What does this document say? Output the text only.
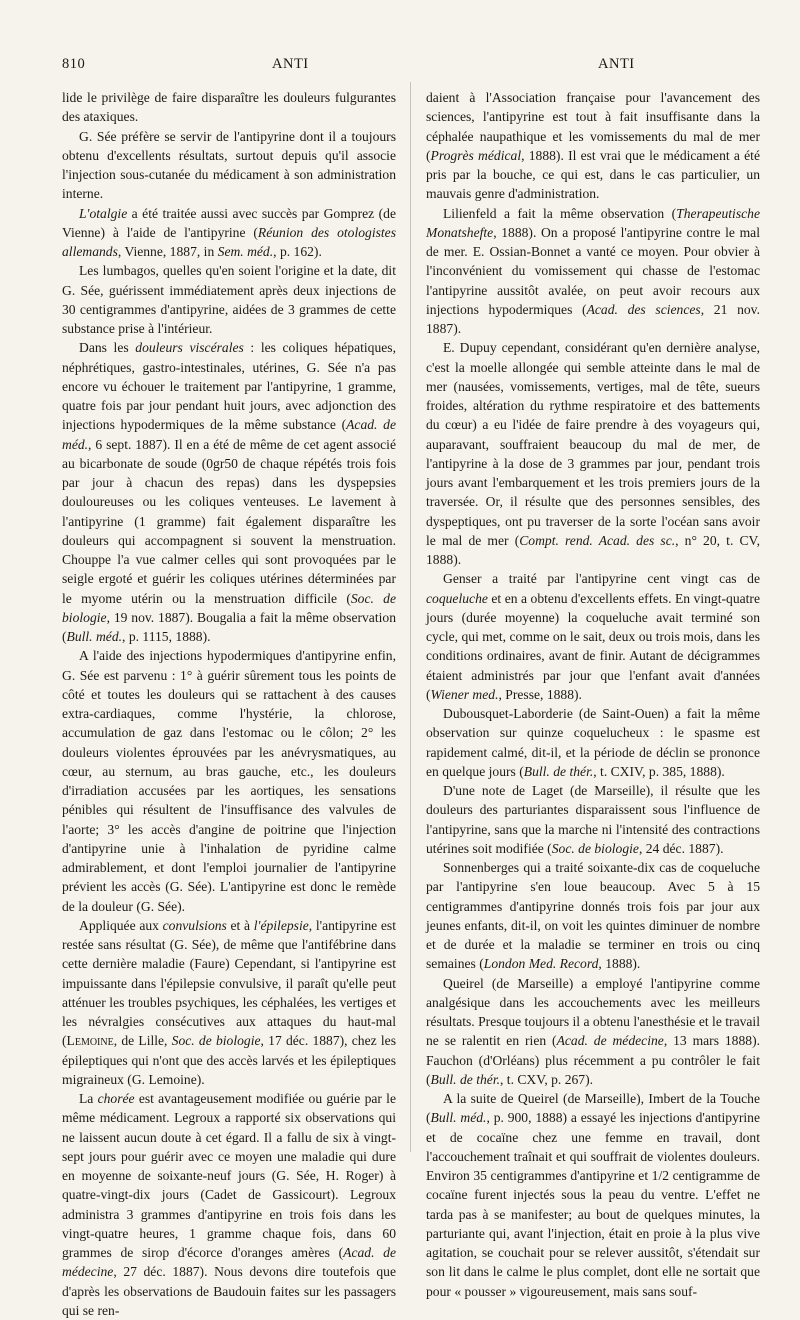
810	ANTI	ANTI

lide le privilège de faire disparaître les douleurs fulgurantes des ataxiques.

G. Sée préfère se servir de l'antipyrine dont il a toujours obtenu d'excellents résultats, surtout depuis qu'il associe l'injection sous-cutanée du médicament à son administration interne.

L'otalgie a été traitée aussi avec succès par Gomprez (de Vienne) à l'aide de l'antipyrine (Réunion des otologistes allemands, Vienne, 1887, in Sem. méd., p. 162).

Les lumbagos, quelles qu'en soient l'origine et la date, dit G. Sée, guérissent immédiatement après deux injections de 30 centigrammes d'antipyrine, aidées de 3 grammes de cette substance prise à l'intérieur.

Dans les douleurs viscérales : les coliques hépatiques, néphrétiques, gastro-intestinales, utérines, G. Sée n'a pas encore vu échouer le traitement par l'antipyrine, 1 gramme, quatre fois par jour pendant huit jours, avec adjonction des injections hypodermiques de la même substance (Acad. de méd., 6 sept. 1887). Il en a été de même de cet agent associé au bicarbonate de soude (0gr50 de chaque répétés trois fois par jour à chacun des repas) dans les dyspepsies douloureuses ou les coliques venteuses. Le lavement à l'antipyrine (1 gramme) fait également disparaître les douleurs qui accompagnent si souvent la menstruation. Chouppe l'a vue calmer celles qui sont provoquées par le seigle ergoté et guérir les coliques utérines déterminées par le myome utérin ou la menstruation difficile (Soc. de biologie, 19 nov. 1887). Bougalia a fait la même observation (Bull. méd., p. 1115, 1888).

A l'aide des injections hypodermiques d'antipyrine enfin, G. Sée est parvenu : 1° à guérir sûrement tous les points de côté et toutes les douleurs qui se rattachent à des causes extra-cardiaques, comme l'hystérie, la chlorose, accumulation de gaz dans l'estomac ou le côlon; 2° les douleurs violentes éprouvées par les anévrysmatiques, au cœur, au sternum, au bras gauche, etc., les douleurs d'irradiation accusées par les aortiques, les sensations pénibles qui résultent de l'insuffisance des valvules de l'aorte; 3° les accès d'angine de poitrine que l'injection d'antipyrine unie à l'inhalation de pyridine calme admirablement, et dont l'emploi journalier de l'antipyrine prévient les accès (G. Sée). L'antipyrine est donc le remède de la douleur (G. Sée).

Appliquée aux convulsions et à l'épilepsie, l'antipyrine est restée sans résultat (G. Sée), de même que l'antifébrine dans cette dernière maladie (Faure) Cependant, si l'antipyrine est impuissante dans l'épilepsie convulsive, il paraît qu'elle peut atténuer les troubles psychiques, les céphalées, les vertiges et les névralgies consécutives aux attaques du haut-mal (Lemoine, de Lille, Soc. de biologie, 17 déc. 1887), chez les épileptiques qui n'ont que des accès larvés et les épileptiques migraineux (G. Lemoine).

La chorée est avantageusement modifiée ou guérie par le même médicament. Legroux a rapporté six observations qui ne laissent aucun doute à cet égard. Il a fallu de six à vingt-sept jours pour guérir avec ce moyen une maladie qui dure en moyenne de soixante-neuf jours (G. Sée, H. Roger) à quatre-vingt-dix jours (Cadet de Gassicourt). Legroux administra 3 grammes d'antipyrine en trois fois dans les vingt-quatre heures, 1 gramme chaque fois, dans 60 grammes de sirop d'écorce d'oranges amères (Acad. de médecine, 27 déc. 1887). Nous devons dire toutefois que d'après les observations de Baudouin faites sur les passagers qui se ren-

daient à l'Association française pour l'avancement des sciences, l'antipyrine est tout à fait insuffisante dans la céphalée naupathique et les vomissements du mal de mer (Progrès médical, 1888). Il est vrai que le médicament a été pris par la bouche, ce qui est, dans le cas particulier, un mauvais genre d'administration.

Lilienfeld a fait la même observation (Therapeutische Monatshefte, 1888). On a proposé l'antipyrine contre le mal de mer. E. Ossian-Bonnet a vanté ce moyen. Pour obvier à l'inconvénient du vomissement qui chasse de l'estomac l'antipyrine aussitôt avalée, on peut avoir recours aux injections hypodermiques (Acad. des sciences, 21 nov. 1887).

E. Dupuy cependant, considérant qu'en dernière analyse, c'est la moelle allongée qui semble atteinte dans le mal de mer (nausées, vomissements, vertiges, mal de tête, sueurs froides, altération du rythme respiratoire et des battements du cœur) a eu l'idée de faire prendre à des voyageurs qui, auparavant, souffraient beaucoup du mal de mer, de l'antipyrine à la dose de 3 grammes par jour, pendant trois jours avant l'embarquement et les trois premiers jours de la traversée. Or, il résulte que des personnes sensibles, des dyspeptiques, ont pu traverser de la sorte l'océan sans avoir le mal de mer (Compt. rend. Acad. des sc., n° 20, t. CV, 1888).

Genser a traité par l'antipyrine cent vingt cas de coqueluche et en a obtenu d'excellents effets. En vingt-quatre jours (durée moyenne) la coqueluche avait terminé son cycle, qui met, comme on le sait, deux ou trois mois, dans les conditions ordinaires, avant de finir. Autant de décigrammes étaient administrés par jour que l'enfant avait d'années (Wiener med., Presse, 1888).

Dubousquet-Laborderie (de Saint-Ouen) a fait la même observation sur quinze coquelucheux : le spasme est rapidement calmé, dit-il, et la période de déclin se prononce en quelque jours (Bull. de thér., t. CXIV, p. 385, 1888).

D'une note de Laget (de Marseille), il résulte que les douleurs des parturiantes disparaissent sous l'influence de l'antipyrine, sans que la marche ni l'intensité des contractions utérines soit modifiée (Soc. de biologie, 24 déc. 1887).

Sonnenberges qui a traité soixante-dix cas de coqueluche par l'antipyrine s'en loue beaucoup. Avec 5 à 15 centigrammes d'antipyrine donnés trois fois par jour aux jeunes enfants, dit-il, on voit les quintes diminuer de nombre et de durée et la maladie se terminer en trois ou cinq semaines (London Med. Record, 1888).

Queirel (de Marseille) a employé l'antipyrine comme analgésique dans les accouchements avec les meilleurs résultats. Presque toujours il a obtenu l'anesthésie et le travail ne se ralentit en rien (Acad. de médecine, 13 mars 1888). Fauchon (d'Orléans) plus récemment a pu contrôler le fait (Bull. de thér., t. CXV, p. 267).

A la suite de Queirel (de Marseille), Imbert de la Touche (Bull. méd., p. 900, 1888) a essayé les injections d'antipyrine et de cocaïne chez une femme en travail, dont l'accouchement traînait et qui souffrait de violentes douleurs. Environ 35 centigrammes d'antipyrine et 1/2 centigramme de cocaïne furent injectés sous la peau du ventre. L'effet ne tarda pas à se manifester; au bout de quelques minutes, la parturiante qui, avant l'injection, était en proie à la plus vive agitation, se couchait pour se relever aussitôt, s'étendait sur son lit dans le calme le plus complet, dont elle ne sortait que pour « pousser » vigoureusement, mais sans souf-
